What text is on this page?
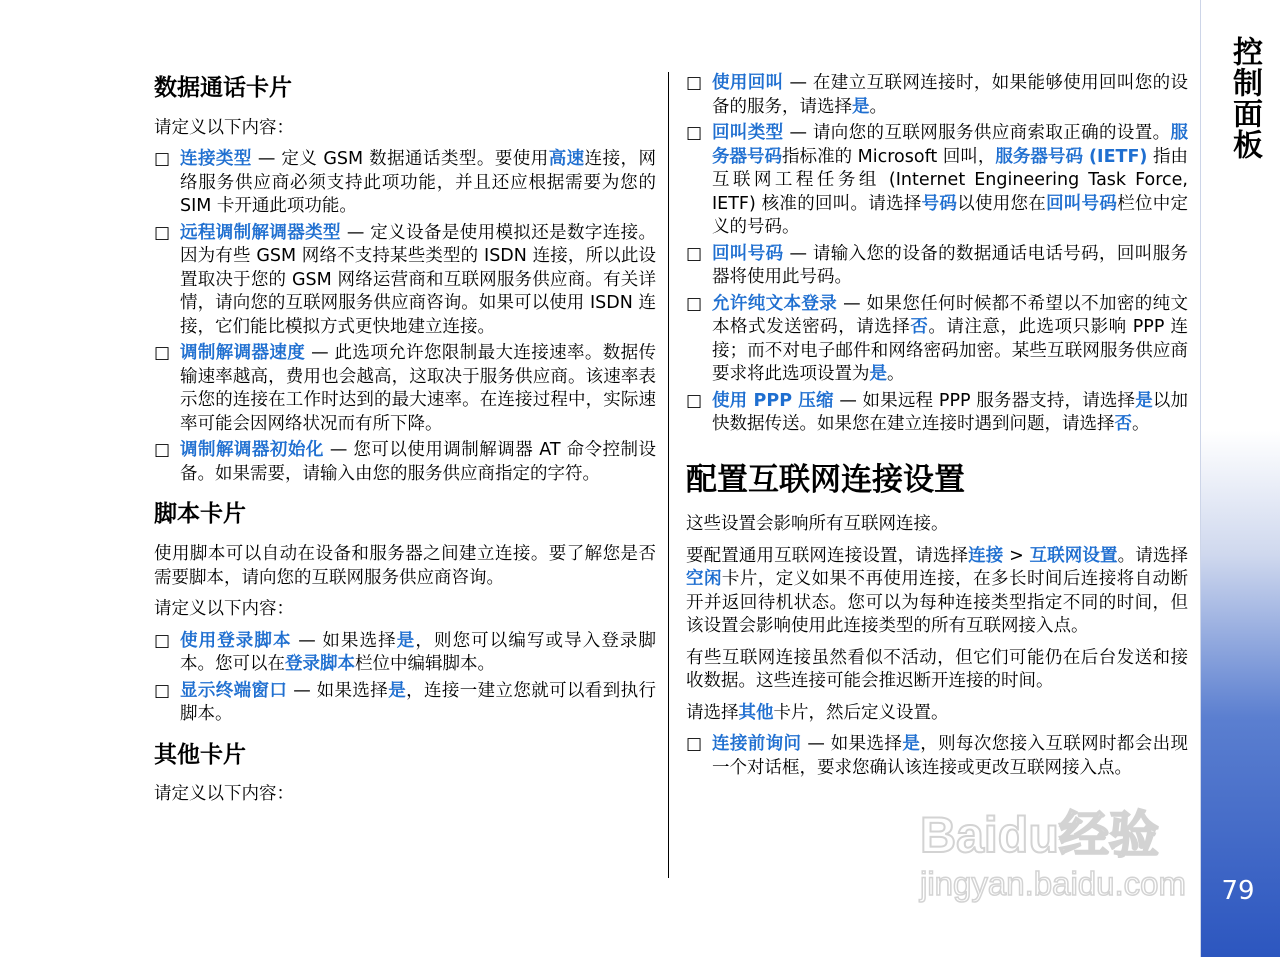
控制面板
79
数据通话卡片

请定义以下内容：

□ 连接类型 — 定义 GSM 数据通话类型。要使用高速连接，网络服务供应商必须支持此项功能，并且还应根据需要为您的 SIM 卡开通此项功能。
□ 远程调制解调器类型 — 定义设备是使用模拟还是数字连接。因为有些 GSM 网络不支持某些类型的 ISDN 连接，所以此设置取决于您的 GSM 网络运营商和互联网服务供应商。有关详情，请向您的互联网服务供应商咨询。如果可以使用 ISDN 连接，它们能比模拟方式更快地建立连接。
□ 调制解调器速度 — 此选项允许您限制最大连接速率。数据传输速率越高，费用也会越高，这取决于服务供应商。该速率表示您的连接在工作时达到的最大速率。在连接过程中，实际速率可能会因网络状况而有所下降。
□ 调制解调器初始化 — 您可以使用调制解调器 AT 命令控制设备。如果需要，请输入由您的服务供应商指定的字符。
脚本卡片

使用脚本可以自动在设备和服务器之间建立连接。要了解您是否需要脚本，请向您的互联网服务供应商咨询。

请定义以下内容：

□ 使用登录脚本 — 如果选择是，则您可以编写或导入登录脚本。您可以在登录脚本栏位中编辑脚本。
□ 显示终端窗口 — 如果选择是，连接一建立您就可以看到执行脚本。
其他卡片

请定义以下内容：

□ 使用回叫 — 在建立互联网连接时，如果能够使用回叫您的设备的服务，请选择是。
□ 回叫类型 — 请向您的互联网服务供应商索取正确的设置。服务器号码指标准的 Microsoft 回叫，服务器号码 (IETF) 指由互联网工程任务组 (Internet Engineering Task Force, IETF) 核准的回叫。请选择号码以使用您在回叫号码栏位中定义的号码。
□ 回叫号码 — 请输入您的设备的数据通话电话号码，回叫服务器将使用此号码。
□ 允许纯文本登录 — 如果您任何时候都不希望以不加密的纯文本格式发送密码，请选择否。请注意，此选项只影响 PPP 连接；而不对电子邮件和网络密码加密。某些互联网服务供应商要求将此选项设置为是。
□ 使用 PPP 压缩 — 如果远程 PPP 服务器支持，请选择是以加快数据传送。如果您在建立连接时遇到问题，请选择否。
配置互联网连接设置

这些设置会影响所有互联网连接。

要配置通用互联网连接设置，请选择连接 > 互联网设置。请选择空闲卡片，定义如果不再使用连接，在多长时间后连接将自动断开并返回待机状态。您可以为每种连接类型指定不同的时间，但该设置会影响使用此连接类型的所有互联网接入点。

有些互联网连接虽然看似不活动，但它们可能仍在后台发送和接收数据。这些连接可能会推迟断开连接的时间。

请选择其他卡片，然后定义设置。

□ 连接前询问 — 如果选择是，则每次您接入互联网时都会出现一个对话框，要求您确认该连接或更改互联网接入点。
Baidu经验
jingyan.baidu.com
